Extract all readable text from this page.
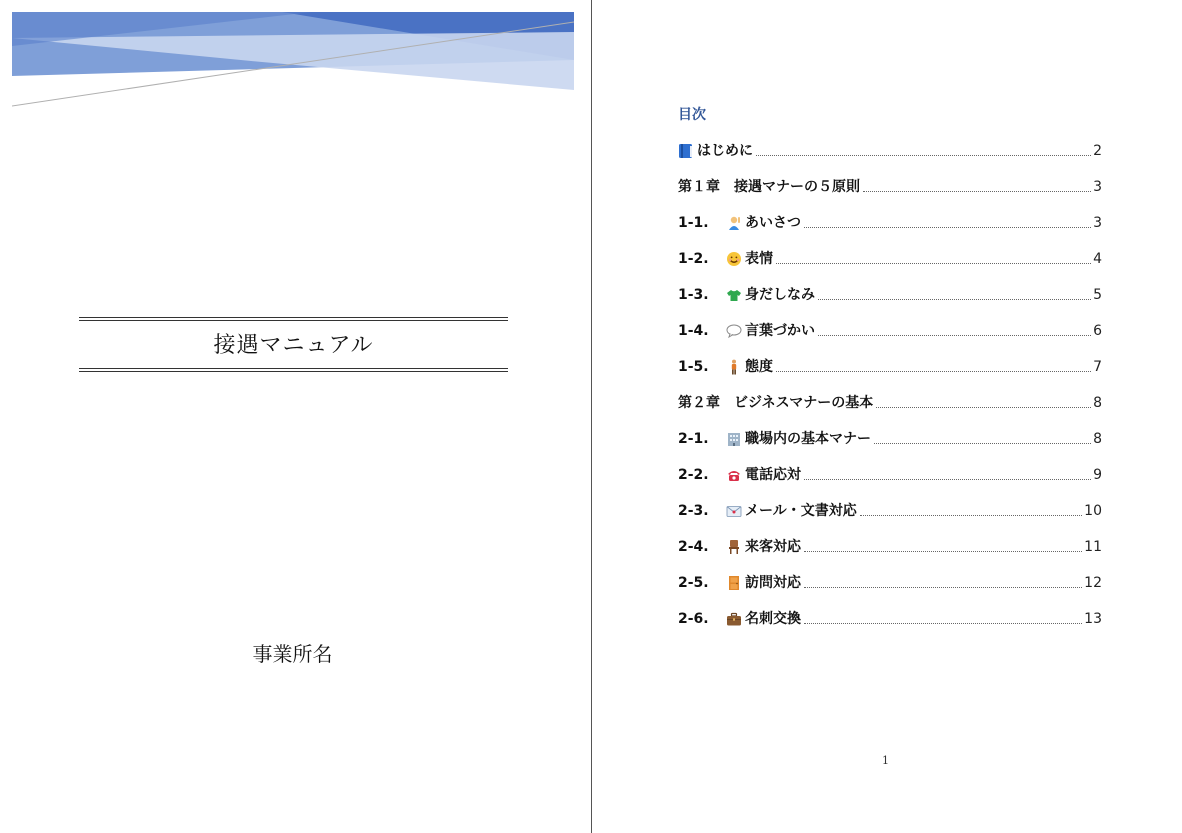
接遇マニュアル
事業所名
目次
はじめに	2
第１章　接遇マナーの５原則	3
1-1.	あいさつ	3
1-2.	表情	4
1-3.	身だしなみ	5
1-4.	言葉づかい	6
1-5.	態度	7
第２章　ビジネスマナーの基本	8
2-1.	職場内の基本マナー	8
2-2.	電話応対	9
2-3.	メール・文書対応	10
2-4.	来客対応	11
2-5.	訪問対応	12
2-6.	名刺交換	13
1
